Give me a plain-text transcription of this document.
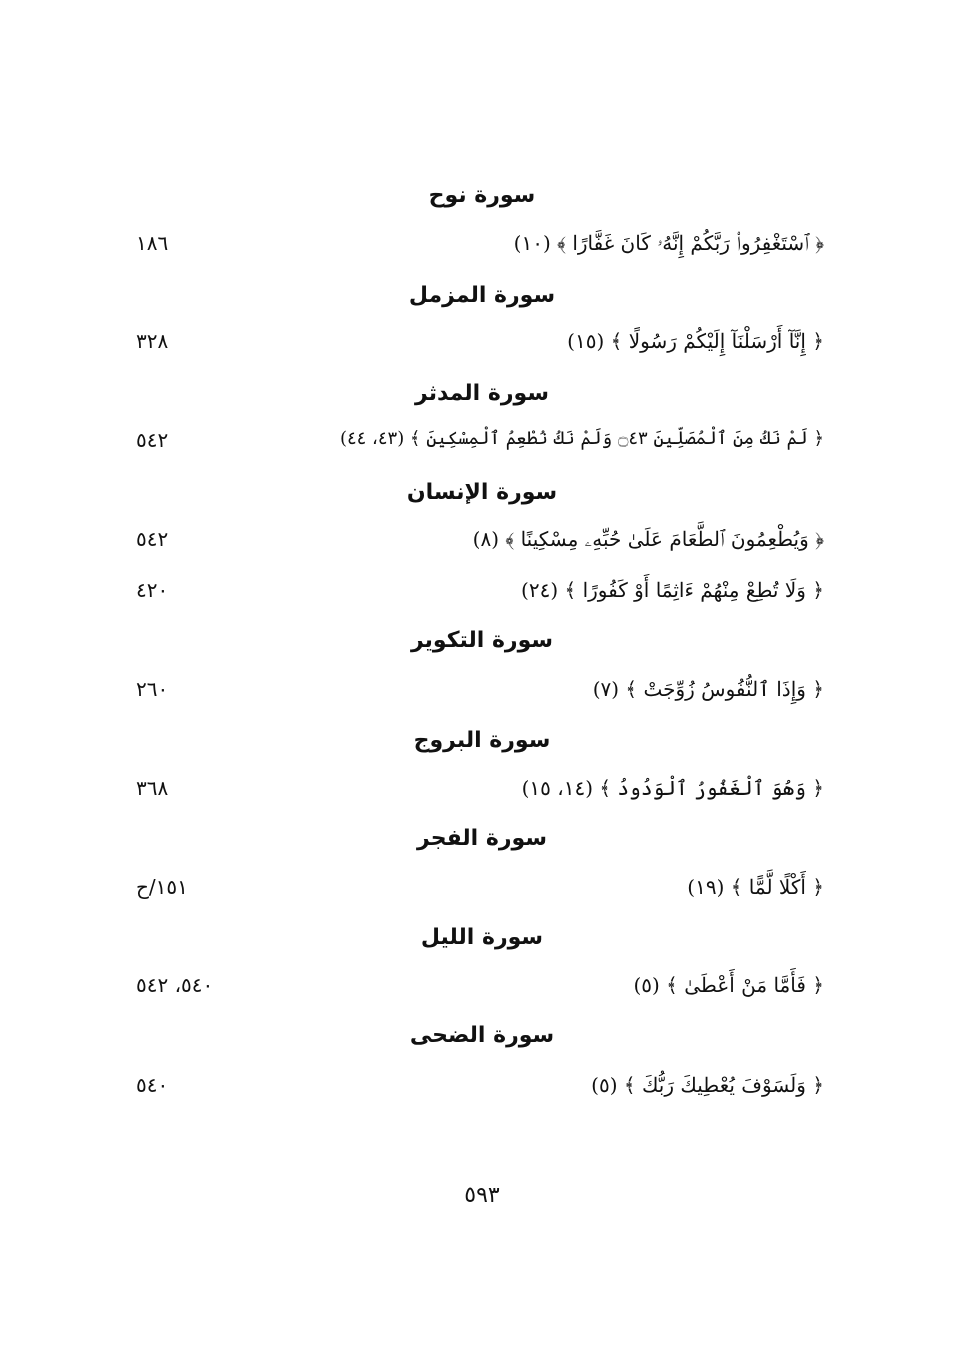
سورة نوح
﴿ ٱسْتَغْفِرُوا۟ رَبَّكُمْ إِنَّهُۥ كَانَ غَفَّارًا ﴾ (١٠)
١٨٦
سورة المزمل
﴿ إِنَّآ أَرْسَلْنَآ إِلَيْكُمْ رَسُولًا ﴾ (١٥)
٣٢٨
سورة المدثر
﴿ لَمْ نَكُ مِنَ ٱلْمُصَلِّينَ ۝٤٣ وَلَمْ نَكُ نُطْعِمُ ٱلْمِسْكِينَ ﴾ (٤٣، ٤٤)
٥٤٢
سورة الإنسان
﴿ وَيُطْعِمُونَ ٱلطَّعَامَ عَلَىٰ حُبِّهِۦ مِسْكِينًا ﴾ (٨)
٥٤٢
﴿ وَلَا تُطِعْ مِنْهُمْ ءَاثِمًا أَوْ كَفُورًا ﴾ (٢٤)
٤٢٠
سورة التكوير
﴿ وَإِذَا ٱلنُّفُوسُ زُوِّجَتْ ﴾ (٧)
٢٦٠
سورة البروج
﴿ وَهُوَ ٱلْغَفُورُ ٱلْوَدُودُ ﴾ (١٤، ١٥)
٣٦٨
سورة الفجر
﴿ أَكْلًا لَّمًّا ﴾ (١٩)
١٥١/ح
سورة الليل
﴿ فَأَمَّا مَنْ أَعْطَىٰ ﴾ (٥)
٥٤٠، ٥٤٢
سورة الضحى
﴿ وَلَسَوْفَ يُعْطِيكَ رَبُّكَ ﴾ (٥)
٥٤٠
٥٩٣
